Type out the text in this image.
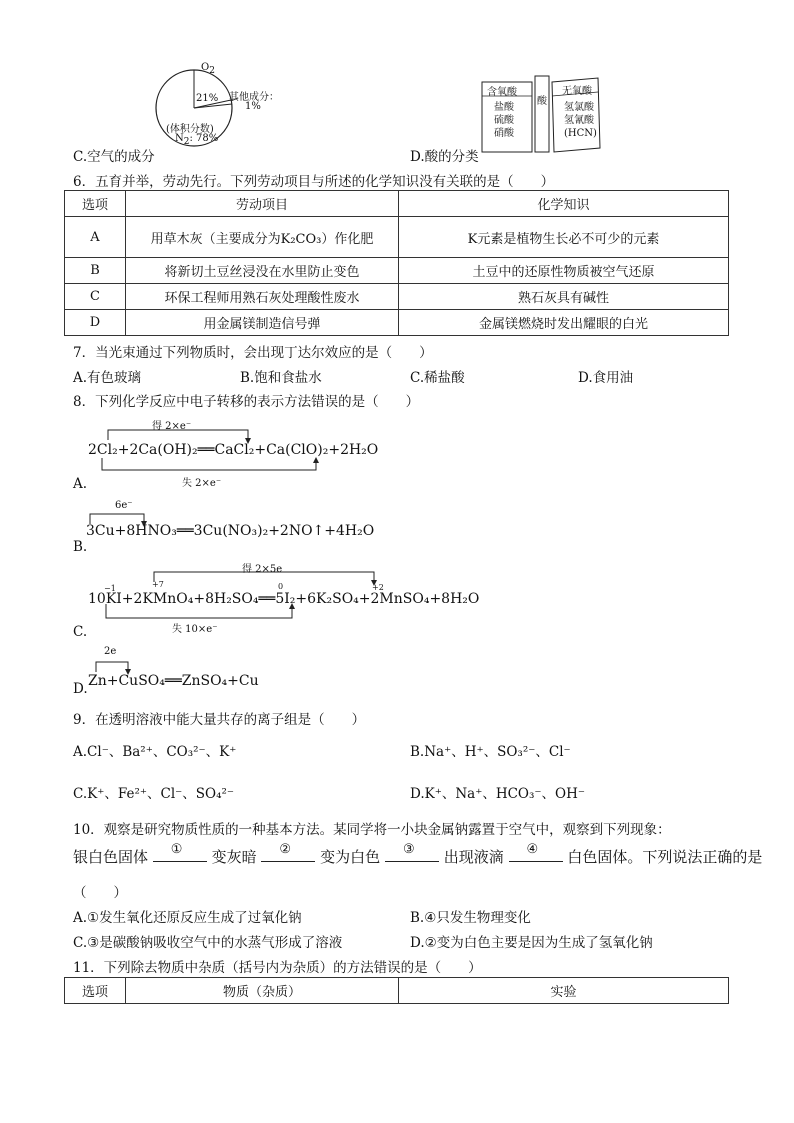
$O_2$
21% 其他成分：
1%
(体积分数)
$N_2$: 78%
C.空气的成分	D.酸的分类
含氧酸
盐酸
硫酸
硝酸
酸
无氧酸
氢氯酸
氢氰酸
(HCN)
6．五育并举，劳动先行。下列劳动项目与所述的化学知识没有关联的是（　　）
选项	劳动项目	化学知识
A	用草木灰（主要成分为K₂CO₃）作化肥	K元素是植物生长必不可少的元素
B	将新切土豆丝浸没在水里防止变色	土豆中的还原性物质被空气还原
C	环保工程师用熟石灰处理酸性废水	熟石灰具有碱性
D	用金属镁制造信号弹	金属镁燃烧时发出耀眼的白光
7．当光束通过下列物质时，会出现丁达尔效应的是（　　）
A.有色玻璃	B.饱和食盐水	C.稀盐酸	D.食用油
8．下列化学反应中电子转移的表示方法错误的是（　　）
得 2×e⁻
2Cl₂+2Ca(OH)₂══CaCl₂+Ca(ClO)₂+2H₂O
失 2×e⁻
A.
6e⁻
3Cu+8HNO₃══3Cu(NO₃)₂+2NO↑+4H₂O
B.
得 2×5e
−1	+7	0	+2
10KI+2KMnO₄+8H₂SO₄══5I₂+6K₂SO₄+2MnSO₄+8H₂O
失 10×e⁻
C.
2e
Zn+CuSO₄══ZnSO₄+Cu
D.
9．在透明溶液中能大量共存的离子组是（　　）
A.Cl⁻、Ba²⁺、CO₃²⁻、K⁺	B.Na⁺、H⁺、SO₃²⁻、Cl⁻
C.K⁺、Fe²⁺、Cl⁻、SO₄²⁻	D.K⁺、Na⁺、HCO₃⁻、OH⁻
10．观察是研究物质性质的一种基本方法。某同学将一小块金属钠露置于空气中，观察到下列现象：
银白色固体 ① 变灰暗 ② 变为白色 ③ 出现液滴 ④ 白色固体。下列说法正确的是
（　　）
A.①发生氧化还原反应生成了过氧化钠	B.④只发生物理变化
C.③是碳酸钠吸收空气中的水蒸气形成了溶液	D.②变为白色主要是因为生成了氢氧化钠
11．下列除去物质中杂质（括号内为杂质）的方法错误的是（　　）
选项	物质（杂质）	实验
